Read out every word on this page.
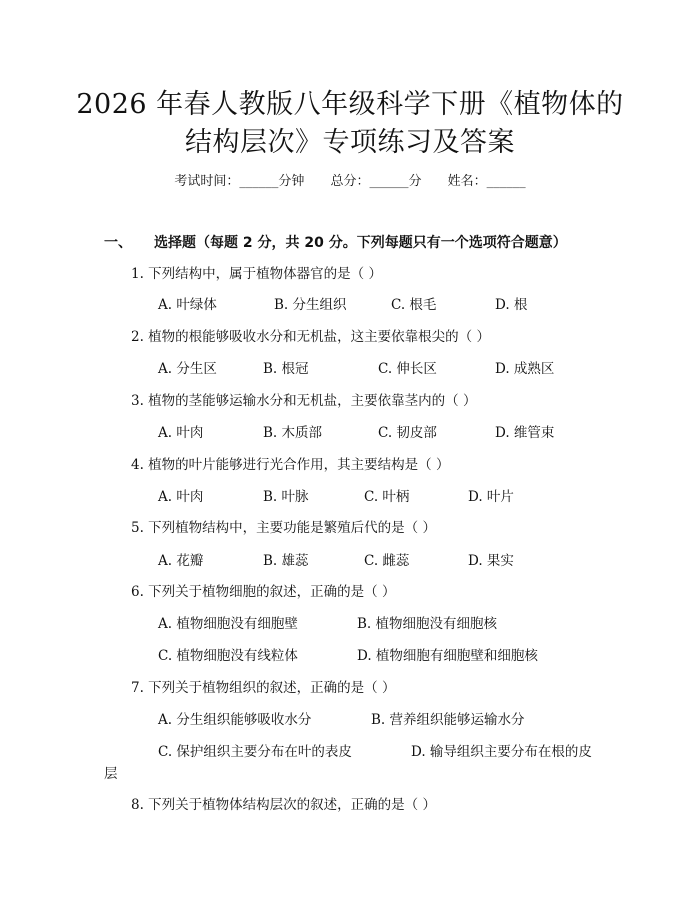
2026 年春人教版八年级科学下册《植物体的
结构层次》专项练习及答案
考试时间：______分钟 总分：______分 姓名：______
一、 选择题（每题 2 分，共 20 分。下列每题只有一个选项符合题意）
1. 下列结构中，属于植物体器官的是（ ）
A. 叶绿体	B. 分生组织	C. 根毛	D. 根
2. 植物的根能够吸收水分和无机盐，这主要依靠根尖的（ ）
A. 分生区	B. 根冠	C. 伸长区	D. 成熟区
3. 植物的茎能够运输水分和无机盐，主要依靠茎内的（ ）
A. 叶肉	B. 木质部	C. 韧皮部	D. 维管束
4. 植物的叶片能够进行光合作用，其主要结构是（ ）
A. 叶肉	B. 叶脉	C. 叶柄	D. 叶片
5. 下列植物结构中，主要功能是繁殖后代的是（ ）
A. 花瓣	B. 雄蕊	C. 雌蕊	D. 果实
6. 下列关于植物细胞的叙述，正确的是（ ）
A. 植物细胞没有细胞壁	B. 植物细胞没有细胞核
C. 植物细胞没有线粒体	D. 植物细胞有细胞壁和细胞核
7. 下列关于植物组织的叙述，正确的是（ ）
A. 分生组织能够吸收水分	B. 营养组织能够运输水分
C. 保护组织主要分布在叶的表皮	D. 输导组织主要分布在根的皮
层
8. 下列关于植物体结构层次的叙述，正确的是（ ）
